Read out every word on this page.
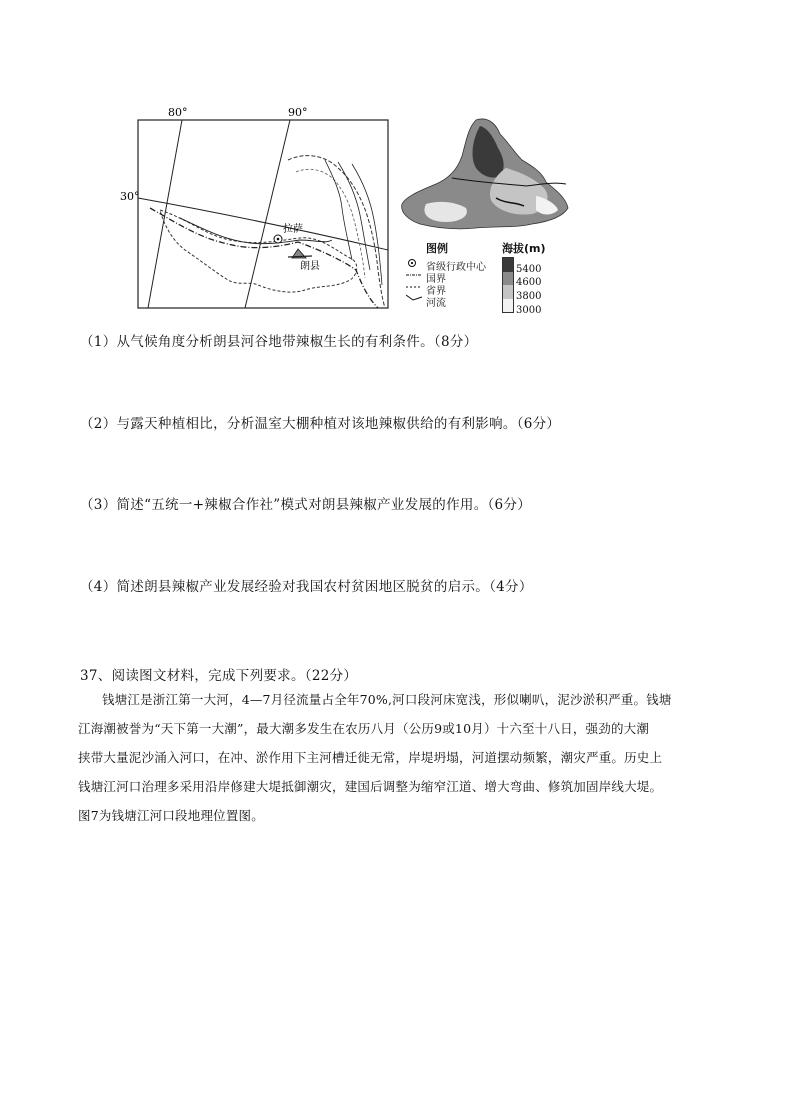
80°	90°
30°
拉萨
朗县
图例	海拔(m)
省级行政中心
国界
省界
河流
5400
4600
3800
3000
（1）从气候角度分析朗县河谷地带辣椒生长的有利条件。（8分）
（2）与露天种植相比，分析温室大棚种植对该地辣椒供给的有利影响。（6分）
（3）简述“五统一+辣椒合作社”模式对朗县辣椒产业发展的作用。（6分）
（4）简述朗县辣椒产业发展经验对我国农村贫困地区脱贫的启示。（4分）
37、阅读图文材料，完成下列要求。（22分）

钱塘江是浙江第一大河，4—7月径流量占全年70%,河口段河床宽浅，形似喇叭，泥沙淤积严重。钱塘

江海潮被誉为“天下第一大潮”，最大潮多发生在农历八月（公历9或10月）十六至十八日，强劲的大潮

挟带大量泥沙涌入河口，在冲、淤作用下主河槽迁徙无常，岸堤坍塌，河道摆动频繁，潮灾严重。历史上

钱塘江河口治理多采用沿岸修建大堤抵御潮灾，建国后调整为缩窄江道、增大弯曲、修筑加固岸线大堤。

图7为钱塘江河口段地理位置图。
